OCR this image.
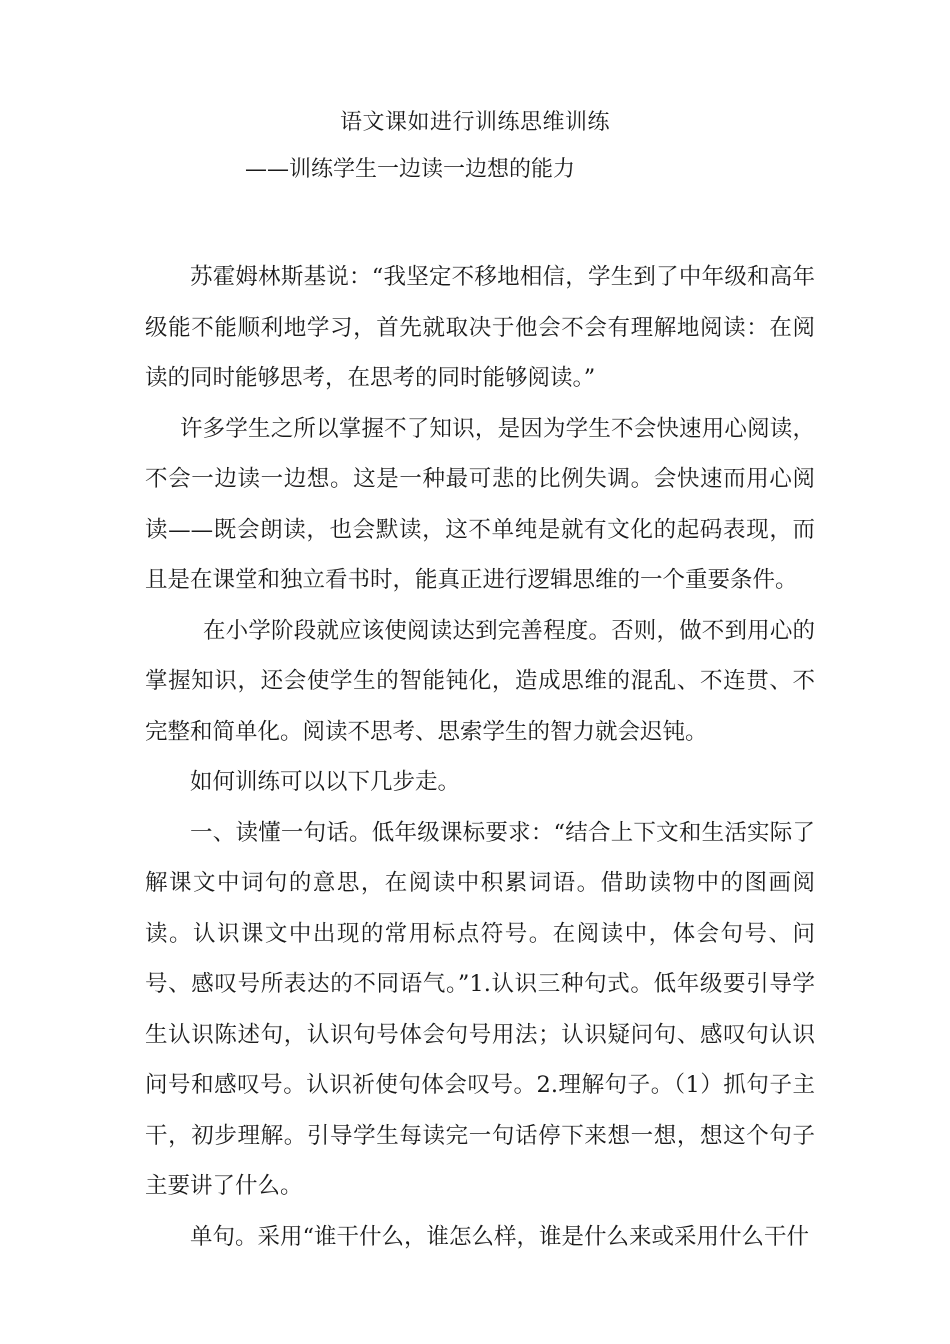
语文课如进行训练思维训练
——训练学生一边读一边想的能力

苏霍姆林斯基说：“我坚定不移地相信，学生到了中年级和高年级能不能顺利地学习，首先就取决于他会不会有理解地阅读：在阅读的同时能够思考，在思考的同时能够阅读。”

许多学生之所以掌握不了知识，是因为学生不会快速用心阅读，不会一边读一边想。这是一种最可悲的比例失调。会快速而用心阅读——既会朗读，也会默读，这不单纯是就有文化的起码表现，而且是在课堂和独立看书时，能真正进行逻辑思维的一个重要条件。

在小学阶段就应该使阅读达到完善程度。否则，做不到用心的掌握知识，还会使学生的智能钝化，造成思维的混乱、不连贯、不完整和简单化。阅读不思考、思索学生的智力就会迟钝。

如何训练可以以下几步走。

一、读懂一句话。低年级课标要求：“结合上下文和生活实际了解课文中词句的意思，在阅读中积累词语。借助读物中的图画阅读。认识课文中出现的常用标点符号。在阅读中，体会句号、问号、感叹号所表达的不同语气。”1.认识三种句式。低年级要引导学生认识陈述句，认识句号体会句号用法；认识疑问句、感叹句认识问号和感叹号。认识祈使句体会叹号。2.理解句子。（1）抓句子主干，初步理解。引导学生每读完一句话停下来想一想，想这个句子主要讲了什么。

单句。采用“谁干什么，谁怎么样，谁是什么来或采用什么干什
